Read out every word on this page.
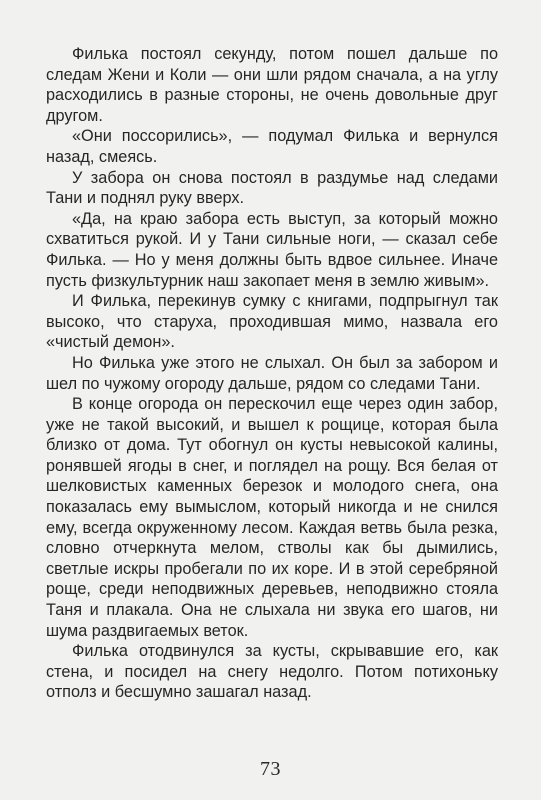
Филька постоял секунду, потом пошел дальше по следам Жени и Коли — они шли рядом сначала, а на углу расходились в разные стороны, не очень довольные друг другом.

«Они поссорились», — подумал Филька и вернулся назад, смеясь.

У забора он снова постоял в раздумье над следами Тани и поднял руку вверх.

«Да, на краю забора есть выступ, за который можно схватиться рукой. И у Тани сильные ноги, — сказал себе Филька. — Но у меня должны быть вдвое сильнее. Иначе пусть физкультурник наш закопает меня в землю живым».

И Филька, перекинув сумку с книгами, подпрыгнул так высоко, что старуха, проходившая мимо, назвала его «чистый демон».

Но Филька уже этого не слыхал. Он был за забором и шел по чужому огороду дальше, рядом со следами Тани.

В конце огорода он перескочил еще через один забор, уже не такой высокий, и вышел к рощице, которая была близко от дома. Тут обогнул он кусты невысокой калины, ронявшей ягоды в снег, и поглядел на рощу. Вся белая от шелковистых каменных березок и молодого снега, она показалась ему вымыслом, который никогда и не снился ему, всегда окруженному лесом. Каждая ветвь была резка, словно отчеркнута мелом, стволы как бы дымились, светлые искры пробегали по их коре. И в этой серебряной роще, среди неподвижных деревьев, неподвижно стояла Таня и плакала. Она не слыхала ни звука его шагов, ни шума раздвигаемых веток.

Филька отодвинулся за кусты, скрывавшие его, как стена, и посидел на снегу недолго. Потом потихоньку отполз и бесшумно зашагал назад.

73
